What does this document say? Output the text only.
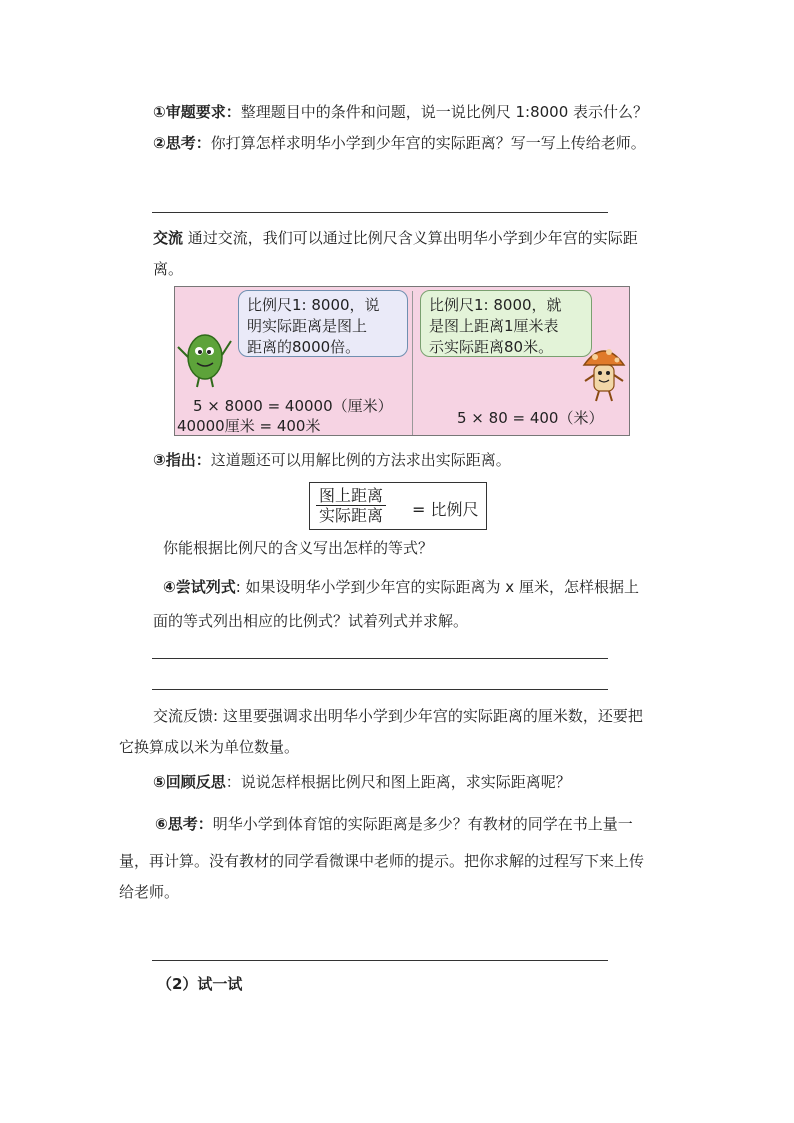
①审题要求：整理题目中的条件和问题，说一说比例尺 1:8000 表示什么？
②思考：你打算怎样求明华小学到少年宫的实际距离？写一写上传给老师。
交流 通过交流，我们可以通过比例尺含义算出明华小学到少年宫的实际距
离。
比例尺1: 8000，说
明实际距离是图上
距离的8000倍。
比例尺1: 8000，就
是图上距离1厘米表
示实际距离80米。
5 × 8000 = 40000（厘米）
40000厘米 = 400米	5 × 80 = 400（米）
③指出：这道题还可以用解比例的方法求出实际距离。
图上距离
实际距离 = 比例尺
你能根据比例尺的含义写出怎样的等式？
④尝试列式: 如果设明华小学到少年宫的实际距离为 x 厘米，怎样根据上
面的等式列出相应的比例式？试着列式并求解。
交流反馈: 这里要强调求出明华小学到少年宫的实际距离的厘米数，还要把
它换算成以米为单位数量。
⑤回顾反思：说说怎样根据比例尺和图上距离，求实际距离呢？
⑥思考：明华小学到体育馆的实际距离是多少？有教材的同学在书上量一
量，再计算。没有教材的同学看微课中老师的提示。把你求解的过程写下来上传
给老师。
（2）试一试
